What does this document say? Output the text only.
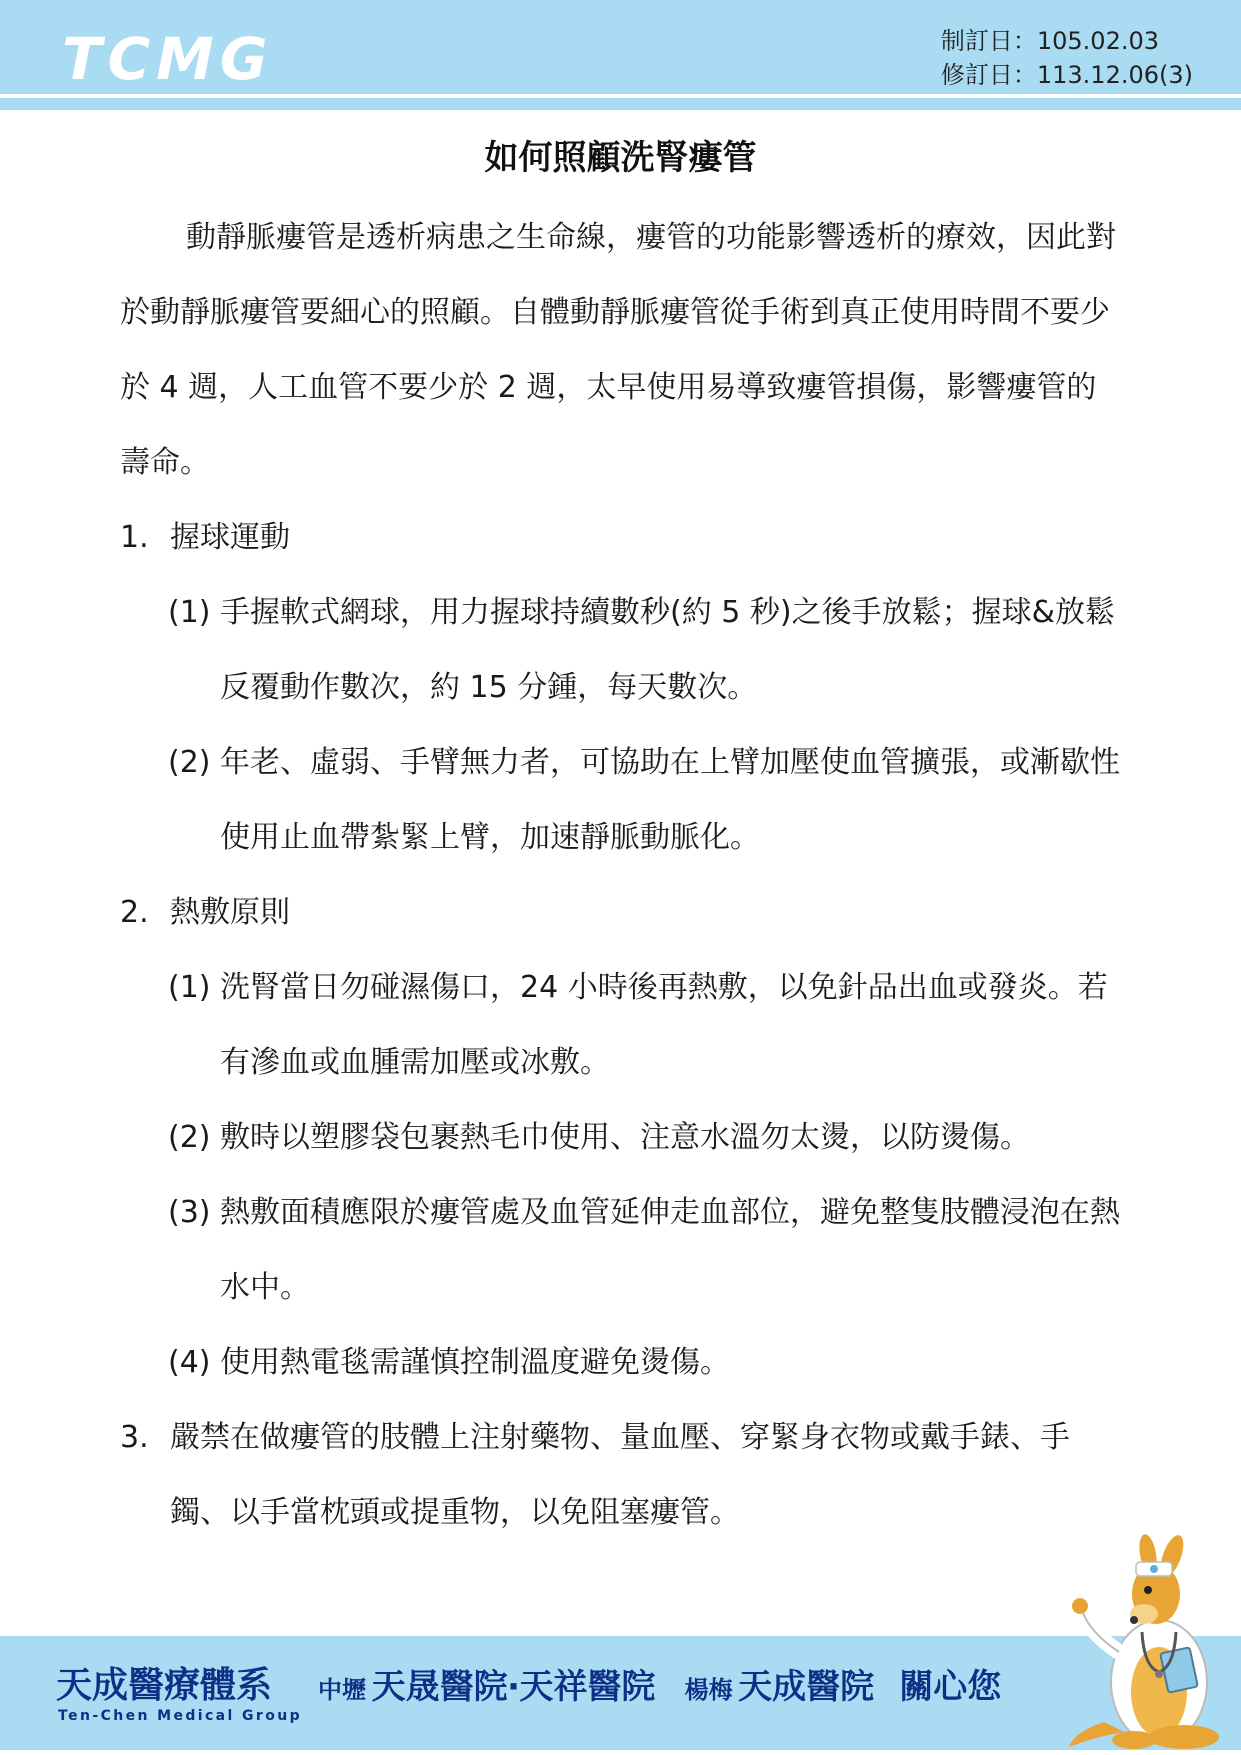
TCMG	制訂日：105.02.03
修訂日：113.12.06(3)
如何照顧洗腎瘻管

動靜脈瘻管是透析病患之生命線，瘻管的功能影響透析的療效，因此對於動靜脈瘻管要細心的照顧。自體動靜脈瘻管從手術到真正使用時間不要少於 4 週，人工血管不要少於 2 週，太早使用易導致瘻管損傷，影響瘻管的壽命。

1. 握球運動
(1) 手握軟式網球，用力握球持續數秒(約 5 秒)之後手放鬆；握球&放鬆反覆動作數次，約 15 分鍾，每天數次。
(2) 年老、虛弱、手臂無力者，可協助在上臂加壓使血管擴張，或漸歇性使用止血帶紮緊上臂，加速靜脈動脈化。
2. 熱敷原則
(1) 洗腎當日勿碰濕傷口，24 小時後再熱敷，以免針品出血或發炎。若有滲血或血腫需加壓或冰敷。
(2) 敷時以塑膠袋包裹熱毛巾使用、注意水溫勿太燙，以防燙傷。
(3) 熱敷面積應限於瘻管處及血管延伸走血部位，避免整隻肢體浸泡在熱水中。
(4) 使用熱電毯需謹慎控制溫度避免燙傷。
3. 嚴禁在做瘻管的肢體上注射藥物、量血壓、穿緊身衣物或戴手錶、手鐲、以手當枕頭或提重物，以免阻塞瘻管。
天成醫療體系
Ten-Chen Medical Group
中壢 天晟醫院‧天祥醫院 楊梅 天成醫院 關心您
